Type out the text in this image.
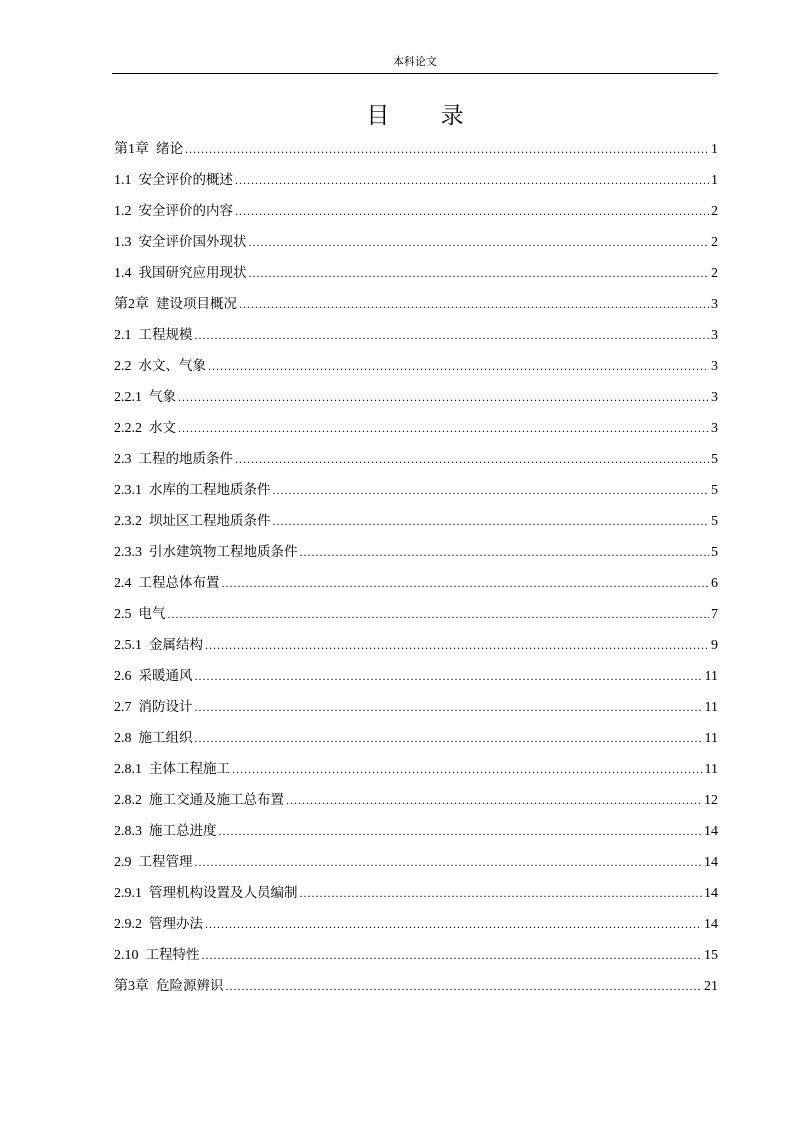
本科论文
目 录
第1章 绪论 .....	1
1.1 安全评价的概述 .....	1
1.2 安全评价的内容 .....	2
1.3 安全评价国外现状 .....	2
1.4 我国研究应用现状 .....	2
第2章 建设项目概况 .....	3
2.1 工程规模 .....	3
2.2 水文、气象 .....	3
2.2.1 气象 .....	3
2.2.2 水文 .....	3
2.3 工程的地质条件 .....	5
2.3.1 水库的工程地质条件 .....	5
2.3.2 坝址区工程地质条件 .....	5
2.3.3 引水建筑物工程地质条件 .....	5
2.4 工程总体布置 .....	6
2.5 电气 .....	7
2.5.1 金属结构 .....	9
2.6 采暖通风 .....	11
2.7 消防设计 .....	11
2.8 施工组织 .....	11
2.8.1 主体工程施工 .....	11
2.8.2 施工交通及施工总布置 .....	12
2.8.3 施工总进度 .....	14
2.9 工程管理 .....	14
2.9.1 管理机构设置及人员编制 .....	14
2.9.2 管理办法 .....	14
2.10 工程特性 .....	15
第3章 危险源辨识 .....	21
